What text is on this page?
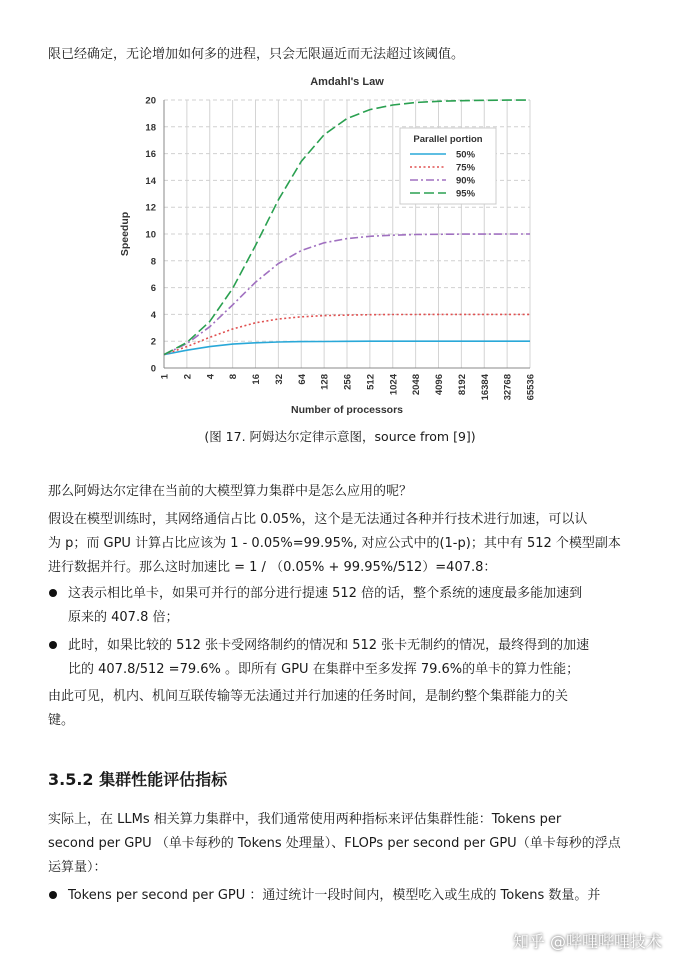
限已经确定，无论增加如何多的进程，只会无限逼近而无法超过该阈值。
Amdahl's Law
0
2
4
6
8
10
12
14
16
18
20
1 2 4 8 16 32 64 128 256 512 1024 2048 4096 8192 16384 32768 65536
Number of processors
Speedup
Parallel portion
50%
75%
90%
95%
(图 17. 阿姆达尔定律示意图，source from [9])
那么阿姆达尔定律在当前的大模型算力集群中是怎么应用的呢？
假设在模型训练时，其网络通信占比 0.05%，这个是无法通过各种并行技术进行加速，可以认
为 p；而 GPU 计算占比应该为 1 - 0.05%=99.95%, 对应公式中的(1-p)；其中有 512 个模型副本
进行数据并行。那么这时加速比 = 1 / （0.05% + 99.95%/512）=407.8：
这表示相比单卡，如果可并行的部分进行提速 512 倍的话，整个系统的速度最多能加速到
原来的 407.8 倍；
此时，如果比较的 512 张卡受网络制约的情况和 512 张卡无制约的情况，最终得到的加速
比的 407.8/512 =79.6% 。即所有 GPU 在集群中至多发挥 79.6%的单卡的算力性能；
由此可见，机内、机间互联传输等无法通过并行加速的任务时间，是制约整个集群能力的关
键。
3.5.2 集群性能评估指标
实际上，在 LLMs 相关算力集群中，我们通常使用两种指标来评估集群性能：Tokens per
second per GPU （单卡每秒的 Tokens 处理量）、FLOPs per second per GPU（单卡每秒的浮点
运算量）：
Tokens per second per GPU ：通过统计一段时间内，模型吃入或生成的 Tokens 数量。并
知乎 @哔哩哔哩技术
